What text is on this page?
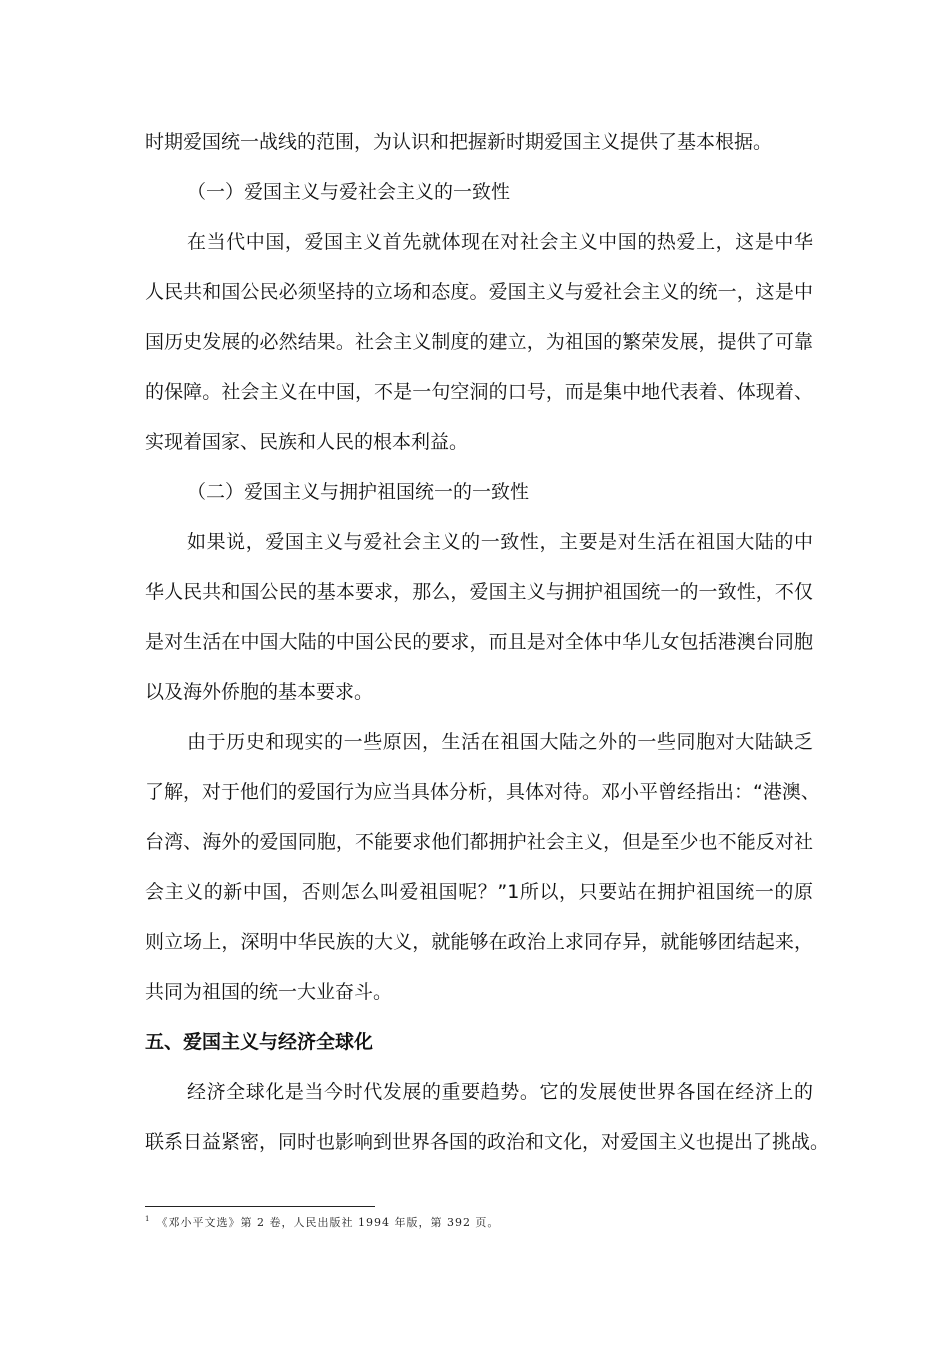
时期爱国统一战线的范围，为认识和把握新时期爱国主义提供了基本根据。
（一）爱国主义与爱社会主义的一致性
在当代中国，爱国主义首先就体现在对社会主义中国的热爱上，这是中华
人民共和国公民必须坚持的立场和态度。爱国主义与爱社会主义的统一，这是中
国历史发展的必然结果。社会主义制度的建立，为祖国的繁荣发展，提供了可靠
的保障。社会主义在中国，不是一句空洞的口号，而是集中地代表着、体现着、
实现着国家、民族和人民的根本利益。
（二）爱国主义与拥护祖国统一的一致性
如果说，爱国主义与爱社会主义的一致性，主要是对生活在祖国大陆的中
华人民共和国公民的基本要求，那么，爱国主义与拥护祖国统一的一致性，不仅
是对生活在中国大陆的中国公民的要求，而且是对全体中华儿女包括港澳台同胞
以及海外侨胞的基本要求。
由于历史和现实的一些原因，生活在祖国大陆之外的一些同胞对大陆缺乏
了解，对于他们的爱国行为应当具体分析，具体对待。邓小平曾经指出：“港澳、
台湾、海外的爱国同胞，不能要求他们都拥护社会主义，但是至少也不能反对社
会主义的新中国，否则怎么叫爱祖国呢？”1所以，只要站在拥护祖国统一的原
则立场上，深明中华民族的大义，就能够在政治上求同存异，就能够团结起来，
共同为祖国的统一大业奋斗。
五、爱国主义与经济全球化
经济全球化是当今时代发展的重要趋势。它的发展使世界各国在经济上的
联系日益紧密，同时也影响到世界各国的政治和文化，对爱国主义也提出了挑战。
$^1$ 《邓小平文选》第 2 卷，人民出版社 1994 年版，第 392 页。
